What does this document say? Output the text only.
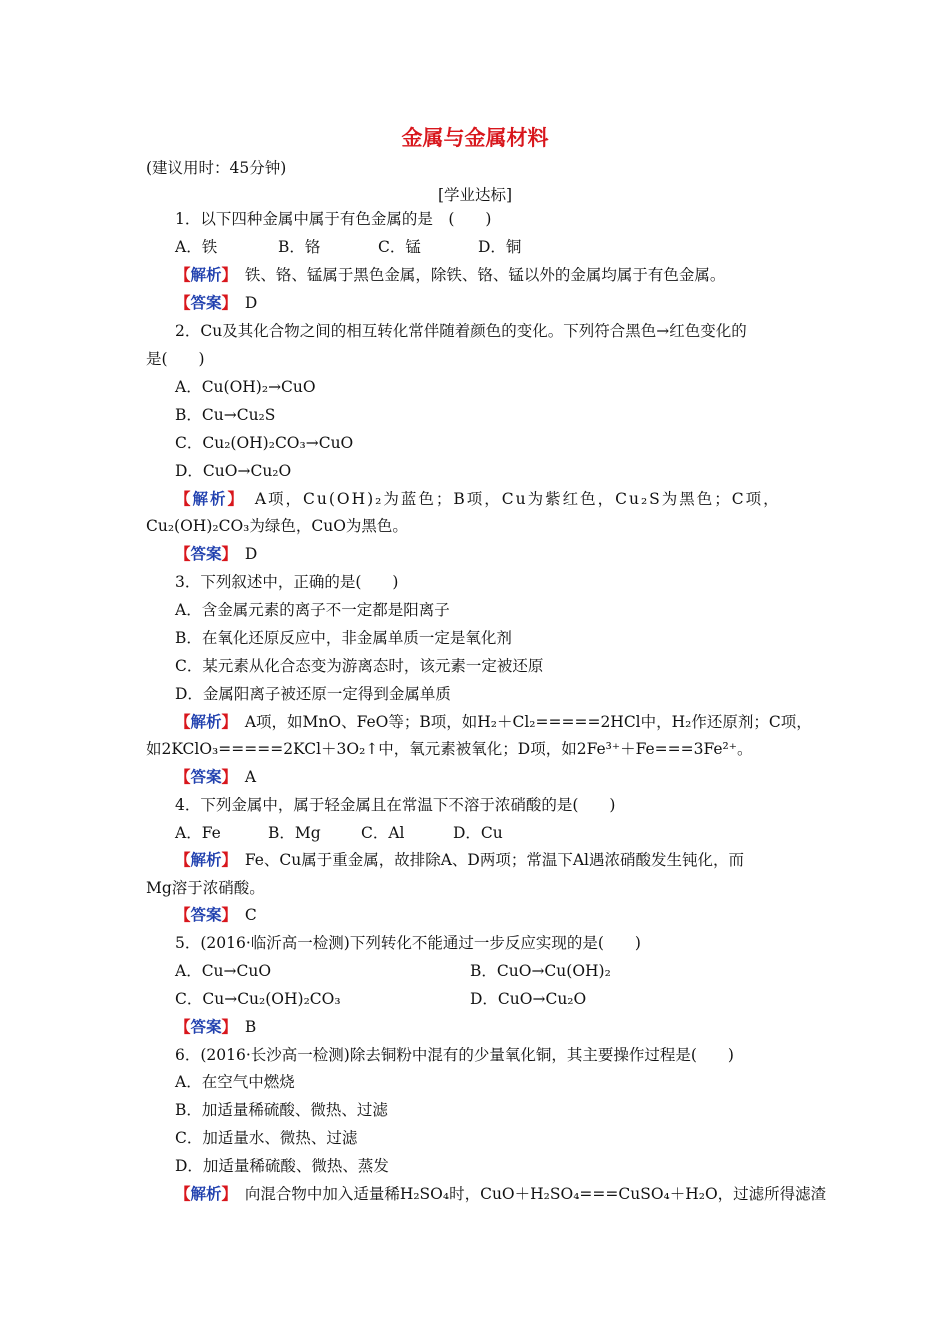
金属与金属材料
(建议用时：45分钟)
[学业达标]
1．以下四种金属中属于有色金属的是　(　　)
A．铁	B．铬	C．锰	D．铜
【解析】　 铁、铬、锰属于黑色金属，除铁、铬、锰以外的金属均属于有色金属。
【答案】　 D
2．Cu及其化合物之间的相互转化常伴随着颜色的变化。下列符合黑色→红色变化的
是(　　)
A．Cu(OH)₂→CuO
B．Cu→Cu₂S
C．Cu₂(OH)₂CO₃→CuO
D．CuO→Cu₂O
【解析】　 A项，Cu(OH)₂为蓝色；B项，Cu为紫红色，Cu₂S为黑色；C项，
Cu₂(OH)₂CO₃为绿色，CuO为黑色。
【答案】　 D
3．下列叙述中，正确的是(　　)
A．含金属元素的离子不一定都是阳离子
B．在氧化还原反应中，非金属单质一定是氧化剂
C．某元素从化合态变为游离态时，该元素一定被还原
D．金属阳离子被还原一定得到金属单质
【解析】　 A项，如MnO、FeO等；B项，如H₂＋Cl₂=====2HCl中，H₂作还原剂；C项，
如2KClO₃=====2KCl＋3O₂↑中，氧元素被氧化；D项，如2Fe³⁺＋Fe===3Fe²⁺。
【答案】　 A
4．下列金属中，属于轻金属且在常温下不溶于浓硝酸的是(　　)
A．Fe	B．Mg	C．Al	D．Cu
【解析】　 Fe、Cu属于重金属，故排除A、D两项；常温下Al遇浓硝酸发生钝化，而
Mg溶于浓硝酸。
【答案】　 C
5．(2016·临沂高一检测)下列转化不能通过一步反应实现的是(　　)
A．Cu→CuO	B．CuO→Cu(OH)₂
C．Cu→Cu₂(OH)₂CO₃	D．CuO→Cu₂O
【答案】　 B
6．(2016·长沙高一检测)除去铜粉中混有的少量氧化铜，其主要操作过程是(　　)
A．在空气中燃烧
B．加适量稀硫酸、微热、过滤
C．加适量水、微热、过滤
D．加适量稀硫酸、微热、蒸发
【解析】　 向混合物中加入适量稀H₂SO₄时，CuO＋H₂SO₄===CuSO₄＋H₂O，过滤所得滤渣
